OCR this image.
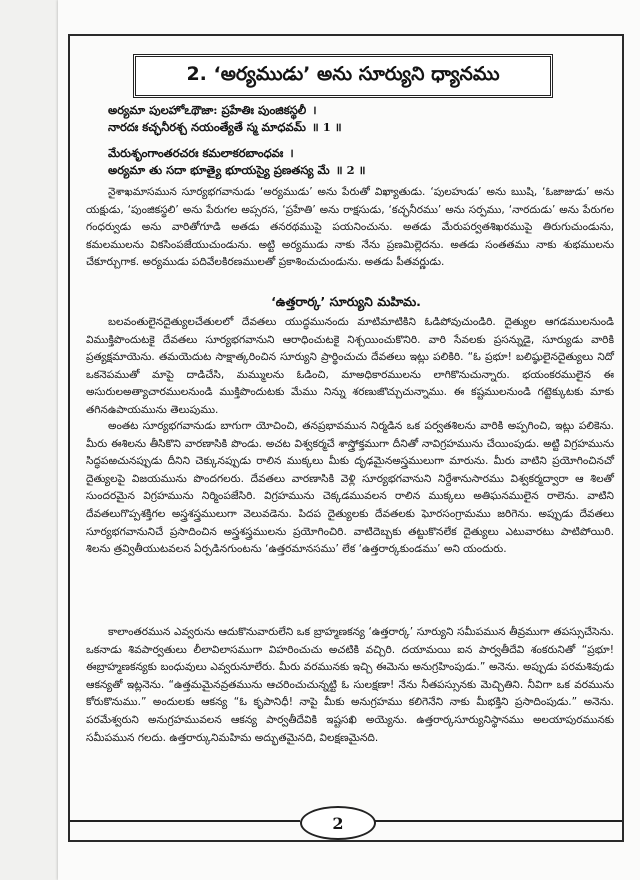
2. ‘అర్యముడు’ అను సూర్యుని ధ్యానము
అర్యమా పులహోఽథౌజా: ప్రహేతిః పుంజికస్థలీ ।
నారదః కచ్ఛనీరశ్చ నయంత్యేతే స్మ మాధవమ్ ॥ 1 ॥
మేరుశృంగాంతరచరః కమలాకరబాంధవః ।
అర్యమా తు సదా భూత్యై భూయస్యై ప్రణతస్య మే ॥ 2 ॥

నైశాఖమాసమున సూర్యభగవానుడు ‘అర్యముడు’ అను పేరుతో విఖ్యాతుడు. ‘పులహుడు’ అను ఋషి, ‘ఓజాజుడు’ అను యక్షుడు, ‘పుంజికస్థలి’ అను పేరుగల అప్సరస, ‘ప్రహేతి’ అను రాక్షసుడు, ‘కచ్ఛనీరము’ అను సర్పము, ‘నారదుడు’ అను పేరుగల గంధర్వుడు అను వారితోగూడి అతడు తనరథముపై పయనించును. అతడు మేరుపర్వతశిఖరముపై తిరుగుచుండును, కమలములను వికసింపజేయుచుండును. అట్టి అర్యముడు నాకు నేను ప్రణమిల్లెదను. అతడు సంతతము నాకు శుభములను చేకూర్చుగాక. అర్యముడు పదివేలకిరణములతో ప్రకాశించుచుండును. అతడు పీతవర్ణుడు.

‘ఉత్తరార్క’ సూర్యుని మహిమ.

బలవంతులైనదైత్యులచేతులలో దేవతలు యుద్ధమునందు మాటిమాటికిని ఓడిపోవుచుండిరి. దైత్యుల ఆగడములనుండి విముక్తిపొందుటకై దేవతలు సూర్యభగవానుని ఆరాధించుటకై నిశ్చయించుకొనిరి. వారి సేవలకు ప్రసన్నుడై, సూర్యుడు వారికి ప్రత్యక్షమాయెను. తమయెదుట సాక్షాత్కరించిన సూర్యుని ప్రార్థించుచు దేవతలు ఇట్లు పలికిరి. “ఓ ప్రభూ! బలిష్ఠులైనదైత్యులు నిదో ఒకనెపముతో మాపై దాడిచేసి, మమ్ములను ఓడించి, మాఅధికారములను లాగికొనుచున్నారు. భయంకరములైన ఈ అసురులఅత్యాచారములనుండి ముక్తిపొందుటకు మేము నిన్ను శరణుజొచ్చుచున్నాము. ఈ కష్టములనుండి గట్టెక్కుటకు మాకు తగినఉపాయమును తెలుపుము.

అంతట సూర్యభగవానుడు బాగుగా యోచించి, తనప్రభావమున నిర్మడిన ఒక పర్వతశిలను వారికి అప్పగించి, ఇట్లు పలికెను. మీరు ఈశిలను తీసికొని వారణాసికి పొండు. అచట విశ్వకర్మచే శాస్త్రోక్తముగా దీనితో నావిగ్రహమును చేయింపుడు. అట్టి విగ్రహమును సిద్ధపఱచునప్పుడు దీనిని చెక్కునప్పుడు రాలిన ముక్కలు మీకు దృఢమైనఅస్త్రములుగా మారును. మీరు వాటిని ప్రయోగించినచో దైత్యులపై విజయమును పొందగలరు. దేవతలు వారణాసికి వెళ్లి సూర్యభగవానుని నిర్దేశానుసారము విశ్వకర్మద్వారా ఆ శిలతో సుందరమైన విగ్రహమును నిర్మింపజేసిరి. విగ్రహమును చెక్కడమువలన రాలిన ముక్కలు అతిఘనములైన రాలెను. వాటిని దేవతలుగొప్పశక్తిగల అస్త్రశస్త్రములుగా వెలువడెను. పిదప దైత్యులకు దేవతలకు ఘోరసంగ్రామము జరిగెను. అప్పుడు దేవతలు సూర్యభగవానునిచే ప్రసాదించిన అస్త్రశస్త్రములను ప్రయోగించిరి. వాటిదెబ్బకు తట్టుకొనలేక దైత్యులు ఎటువారటు పాటిపోయిరి. శిలను త్రవ్వితీయుటవలన ఏర్పడినగుంటను ‘ఉత్తరమానసము’ లేక ‘ఉత్తరార్కకుండము’ అని యందురు.

కాలాంతరమున ఎవ్వరును ఆదుకొనువారులేని ఒక బ్రాహ్మణకన్య ‘ఉత్తరార్క’ సూర్యుని సమీపమున తీవ్రముగా తపస్సుచేసెను. ఒకనాడు శివపార్వతులు లీలావిలాసముగా విహరించుచు అచటికి వచ్చిరి. దయామయి ఐన పార్వతీదేవి శంకరునితో “ప్రభూ! ఈబ్రాహ్మణకన్యకు బంధువులు ఎవ్వరునూలేరు. మీరు వరమునకు ఇచ్చి ఈమెను అనుగ్రహింపుడు.” అనెను. అప్పుడు పరమశివుడు ఆకన్యతో ఇట్లనెను. “ఉత్తమమైనవ్రతమును ఆచరించుచున్నట్టి ఓ సులక్షణా! నేను నీతపస్సునకు మెచ్చితిని. నీవిగా ఒక వరమును కోరుకొనుము.” అందులకు ఆకన్య “ఓ కృపానిధీ! నాపై మీకు అనుగ్రహము కలిగెనేని నాకు మీభక్తిని ప్రసాదింపుడు.” అనెను. పరమేశ్వరుని అనుగ్రహమువలన ఆకన్య పార్వతీదేవికి ఇష్టసఖి అయ్యెను. ఉత్తరార్కసూర్యునిస్థానము అలయాపురమునకు సమీపమున గలదు. ఉత్తరార్కునిమహిమ అద్భుతమైనది, విలక్షణమైనది.

2
